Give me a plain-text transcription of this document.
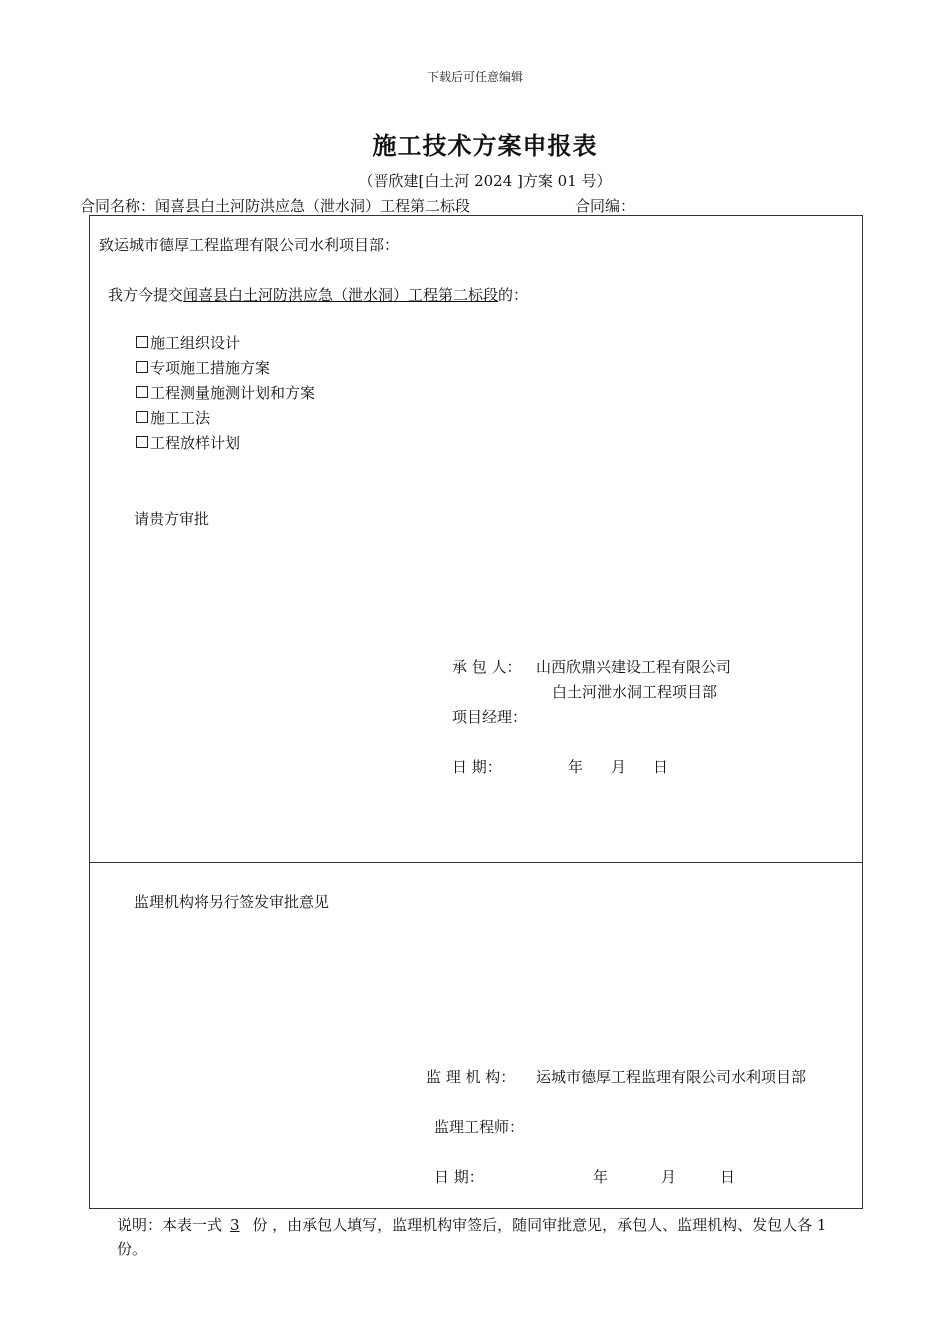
下载后可任意编辑
施工技术方案申报表
（晋欣建[白土河 2024 ]方案 01 号）
合同名称：闻喜县白土河防洪应急（泄水洞）工程第二标段	合同编：
致运城市德厚工程监理有限公司水利项目部：
我方今提交闻喜县白土河防洪应急（泄水洞）工程第二标段的：
施工组织设计
专项施工措施方案
工程测量施测计划和方案
施工工法
工程放样计划
请贵方审批
承 包 人： 山西欣鼎兴建设工程有限公司
白土河泄水洞工程项目部
项目经理：
日 期：	年 月 日
监理机构将另行签发审批意见
监 理 机 构： 运城市德厚工程监理有限公司水利项目部
监理工程师：
日 期：	年	月	日
说明：本表一式 3 份 ，由承包人填写，监理机构审签后，随同审批意见，承包人、监理机构、发包人各 1 份。
